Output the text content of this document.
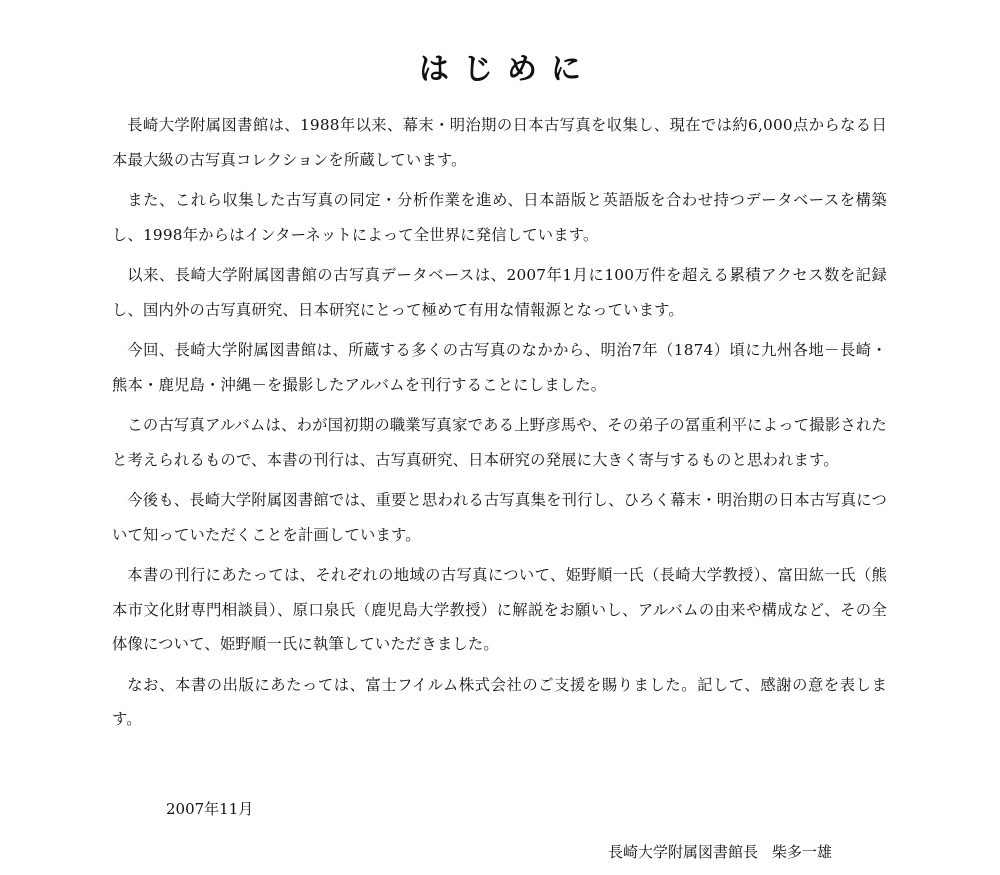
はじめに

長崎大学附属図書館は、1988年以来、幕末・明治期の日本古写真を収集し、現在では約6,000点からなる日本最大級の古写真コレクションを所蔵しています。

また、これら収集した古写真の同定・分析作業を進め、日本語版と英語版を合わせ持つデータベースを構築し、1998年からはインターネットによって全世界に発信しています。

以来、長崎大学附属図書館の古写真データベースは、2007年1月に100万件を超える累積アクセス数を記録し、国内外の古写真研究、日本研究にとって極めて有用な情報源となっています。

今回、長崎大学附属図書館は、所蔵する多くの古写真のなかから、明治7年（1874）頃に九州各地－長崎・熊本・鹿児島・沖縄－を撮影したアルバムを刊行することにしました。

この古写真アルバムは、わが国初期の職業写真家である上野彦馬や、その弟子の冨重利平によって撮影されたと考えられるもので、本書の刊行は、古写真研究、日本研究の発展に大きく寄与するものと思われます。

今後も、長崎大学附属図書館では、重要と思われる古写真集を刊行し、ひろく幕末・明治期の日本古写真について知っていただくことを計画しています。

本書の刊行にあたっては、それぞれの地域の古写真について、姫野順一氏（長崎大学教授）、富田紘一氏（熊本市文化財専門相談員）、原口泉氏（鹿児島大学教授）に解説をお願いし、アルバムの由来や構成など、その全体像について、姫野順一氏に執筆していただきました。

なお、本書の出版にあたっては、富士フイルム株式会社のご支援を賜りました。記して、感謝の意を表します。

2007年11月
長崎大学附属図書館長 柴多一雄
